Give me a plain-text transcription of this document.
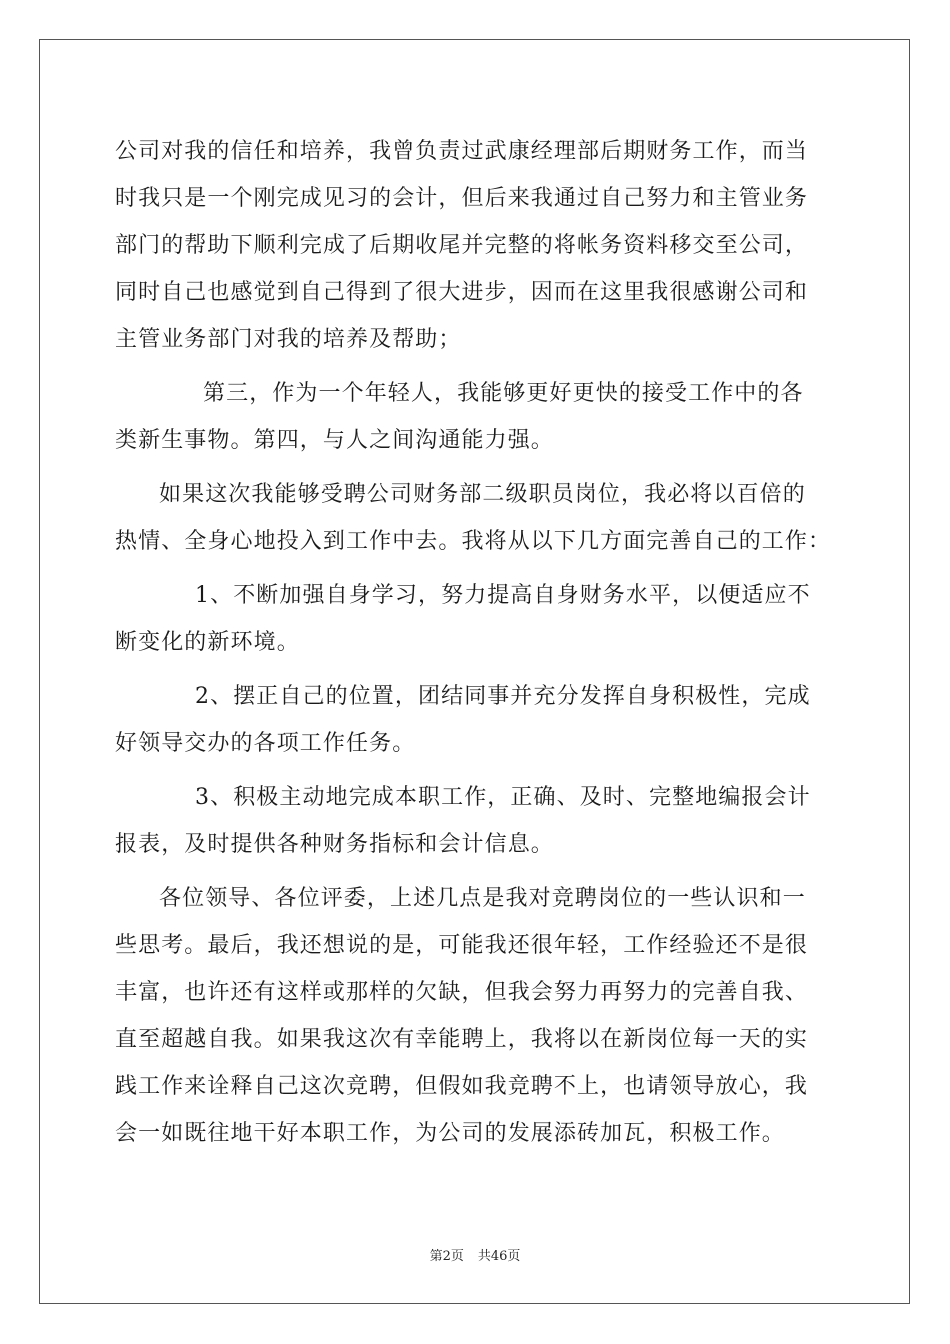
公司对我的信任和培养，我曾负责过武康经理部后期财务工作，而当
时我只是一个刚完成见习的会计，但后来我通过自己努力和主管业务
部门的帮助下顺利完成了后期收尾并完整的将帐务资料移交至公司，
同时自己也感觉到自己得到了很大进步，因而在这里我很感谢公司和
主管业务部门对我的培养及帮助；
第三，作为一个年轻人，我能够更好更快的接受工作中的各
类新生事物。第四，与人之间沟通能力强。
如果这次我能够受聘公司财务部二级职员岗位，我必将以百倍的
热情、全身心地投入到工作中去。我将从以下几方面完善自己的工作：
1、不断加强自身学习，努力提高自身财务水平，以便适应不
断变化的新环境。
2、摆正自己的位置，团结同事并充分发挥自身积极性，完成
好领导交办的各项工作任务。
3、积极主动地完成本职工作，正确、及时、完整地编报会计
报表，及时提供各种财务指标和会计信息。
各位领导、各位评委，上述几点是我对竞聘岗位的一些认识和一
些思考。最后，我还想说的是，可能我还很年轻，工作经验还不是很
丰富，也许还有这样或那样的欠缺，但我会努力再努力的完善自我、
直至超越自我。如果我这次有幸能聘上，我将以在新岗位每一天的实
践工作来诠释自己这次竞聘，但假如我竞聘不上，也请领导放心，我
会一如既往地干好本职工作，为公司的发展添砖加瓦，积极工作。
第2页 共46页
